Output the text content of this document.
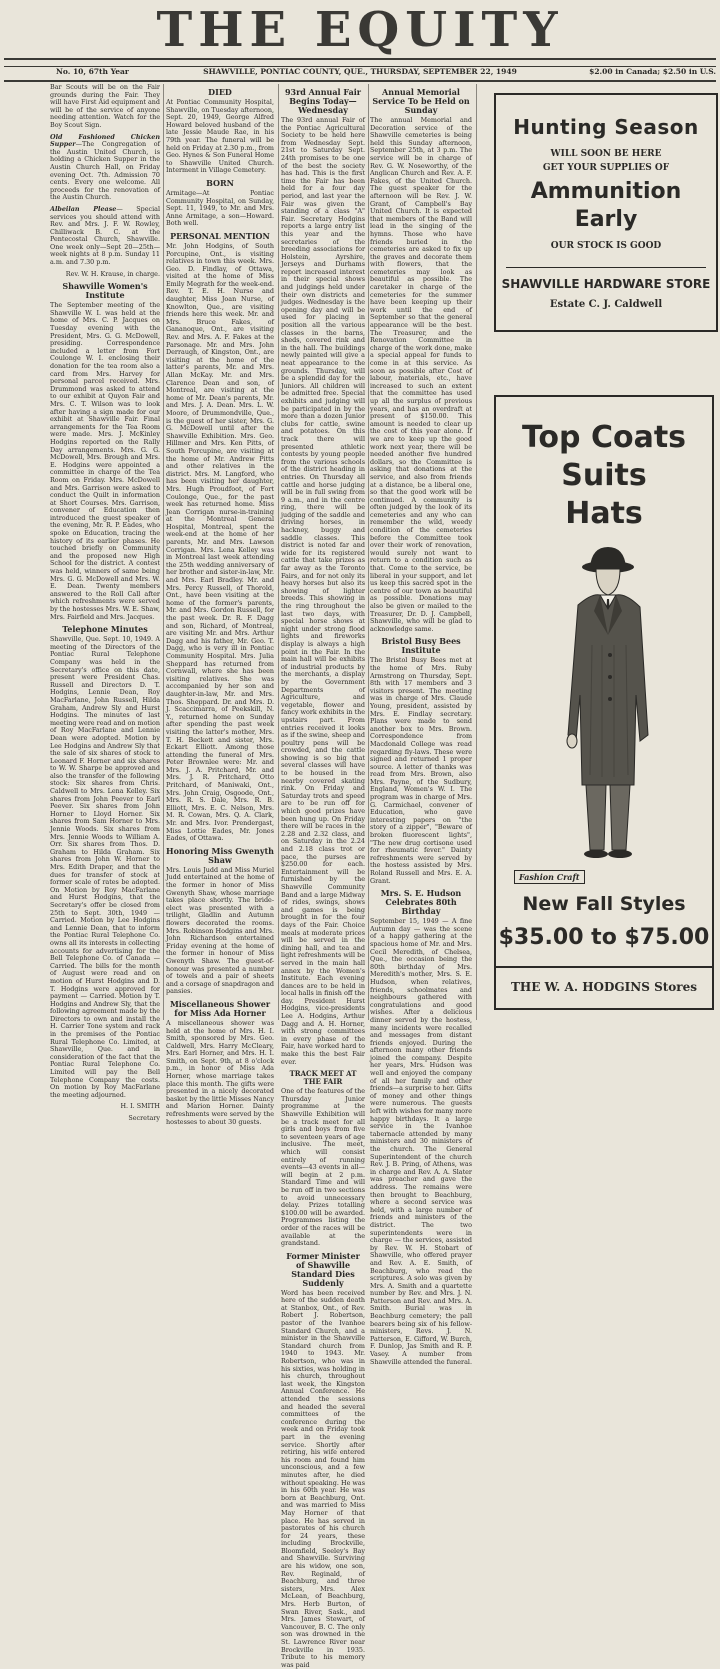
THE EQUITY
No. 10, 67th Year	SHAWVILLE, PONTIAC COUNTY, QUE., THURSDAY, SEPTEMBER 22, 1949	$2.00 in Canada; $2.50 in U.S.

Bar Scouts will be on the Fair grounds during the Fair. They will have First Aid equipment and will be of the service of anyone needing attention. Watch for the Boy Scout Sign.

Old Fashioned Chicken Supper—The Congregation of the Austin United Church, is holding a Chicken Supper in the Austin Church Hall, on Friday evening Oct. 7th. Admission 70 cents. Every one welcome. All proceeds for the renovation of the Austin Church.

Albeilan Please— Special services you should attend with Rev. and Mrs. J. F. W. Rowley, Chilliwack B. C. at the Pentecostal Church, Shawville. One week only—Sept 20—25th—week nights at 8 p.m. Sunday 11 a.m. and 7.30 p.m.

Rev. W. H. Krause, in charge.

Shawville Women's Institute

The September meeting of the Shawville W. I. was held at the home of Mrs. C. P. Jacques on Tuesday evening with the President, Mrs. G. G. McDowell, presiding. Correspondence included a letter from Fort Coulonge W. I. enclosing their donation for the tea room also a card from Mrs. Harvey for personal parcel received. Mrs. Drummond was asked to attend to our exhibit at Quyon Fair and Mrs. C. T. Wilson was to look after having a sign made for our exhibit at Shawville Fair. Final arrangements for the Tea Room were made. Mrs. J. McKinley Hodgins reported on the Rally Day arrangements. Mrs. G. G. McDowell, Mrs. Brough and Mrs. E. Hodgins were appointed a committee in charge of the Tea Room on Friday. Mrs. McDowell and Mrs. Garrison were asked to conduct the Quilt in information at Short Courses. Mrs. Garrison, convener of Education then introduced the guest speaker of the evening, Mr. R. P. Eades, who spoke on Education, tracing the history of its earlier phases. He touched briefly on Community and the proposed new High School for the district. A contest was held, winners of same being Mrs. G. G. McDowell and Mrs. W. E. Dean. Twenty members answered to the Roll Call after which refreshments were served by the hostesses Mrs. W. E. Shaw, Mrs. Fairfield and Mrs. Jacques.

Telephone Minutes

Shawville, Que. Sept. 10, 1949. A meeting of the Directors of the Pontiac Rural Telephone Company was held in the Secretary's office on this date, present were President Chas. Russell and Directors D. T. Hodgins, Lennie Dean, Roy MacFarlane, John Russell, Hilda Graham, Andrew Sly and Hurst Hodgins. The minutes of last meeting were read and on motion of Roy MacFarlane and Lennie Dean were adopted. Motion by Lee Hodgins and Andrew Sly that the sale of six shares of stock to Leonard F. Horner and six shares to W. W. Sharpe be approved and also the transfer of the following stock: Six shares from Chris. Caldwell to Mrs. Lena Kelley. Six shares from John Peever to Earl Peever. Six shares from John Horner to Lloyd Horner. Six shares from Sam Horner to Mrs. Jennie Woods. Six shares from Mrs. Jennie Woods to William A. Orr. Six shares from Thos. D. Graham to Hilda Graham. Six shares from John W. Horner to Mrs. Edith Draper, and that the dues for transfer of stock at former scale of rates be adopted. On Motion by Roy MacFarlane and Hurst Hodgins, that the Secretary's offer be closed from 25th to Sept. 30th, 1949 — Carried. Motion by Lee Hodgins and Lennie Dean, that to inform the Pontiac Rural Telephone Co. owns all its interests in collecting accounts for advertising for the Bell Telephone Co. of Canada — Carried. The bills for the month of August were read and on motion of Hurst Hodgins and D. T. Hodgins were approved for payment — Carried. Motion by T. Hodgins and Andrew Sly, that the following agreement made by the Directors to own and install the H. Carrier Tone system and rack in the premises of the Pontiac Rural Telephone Co. Limited, at Shawville, Que. and in consideration of the fact that the Pontiac Rural Telephone Co. Limited will pay the Bell Telephone Company the costs. On motion by Roy MacFarlane the meeting adjourned.

H. I. SMITH

Secretary

DIED

At Pontiac Community Hospital, Shawville, on Tuesday afternoon, Sept. 20, 1949, George Alfred Howard beloved husband of the late Jessie Maude Rae, in his 79th year. The funeral will be held on Friday at 2.30 p.m., from Geo. Hynes & Son Funeral Home to Shawville United Church. Interment in Village Cemetery.

BORN

Armitage—At Pontiac Community Hospital, on Sunday, Sept. 11, 1949, to Mr. and Mrs. Anne Armitage, a son—Howard. Both well.

PERSONAL MENTION

Mr. John Hodgins, of South Porcupine, Ont., is visiting relatives in town this week. Mrs. Geo. D. Findlay, of Ottawa, visited at the home of Miss Emily Megrath for the week-end. Rev. T. E. H. Nurse and daughter, Miss Joan Nurse, of Knowlton, Que., are visiting friends here this week. Mr. and Mrs. Bruce Fakes, of Gananoque, Ont., are visiting Rev. and Mrs. A. F. Fakes at the Parsonage. Mr. and Mrs. John Derraugh, of Kingston, Ont., are visiting at the home of the latter's parents, Mr. and Mrs. Allan McKay. Mr. and Mrs. Clarence Dean and son, of Montreal, are visiting at the home of Mr. Dean's parents, Mr. and Mrs. J. A. Dean. Mrs. L. W. Moore, of Drummondville, Que., is the guest of her sister, Mrs. G. G. McDowell until after the Shawville Exhibition. Mrs. Geo. Hillmer and Mrs. Ken Pitts, of South Porcupine, are visiting at the home of Mr. Andrew Pitts and other relatives in the district. Mrs. M. Langford, who has been visiting her daughter, Mrs. Hugh Proudfoot, of Fort Coulonge, Que., for the past week has returned home. Miss Jean Corrigan nurse-in-training at the Montreal General Hospital, Montreal, spent the week-end at the home of her parents, Mr. and Mrs. Lawson Corrigan. Mrs. Lena Kelley was in Montreal last week attending the 25th wedding anniversary of her brother and sister-in-law, Mr. and Mrs. Earl Bradley. Mr. and Mrs. Percy Russell, of Thorold, Ont., have been visiting at the home of the former's parents, Mr. and Mrs. Gordon Russell, for the past week. Dr. R. F. Dagg and son, Richard, of Montreal, are visiting Mr. and Mrs. Arthur Dagg and his father, Mr. Geo. T. Dagg, who is very ill in Pontiac Community Hospital. Mrs. Julia Sheppard has returned from Cornwall, where she has been visiting relatives. She was accompanied by her son and daughter-in-law, Mr. and Mrs. Thos. Sheppard. Dr. and Mrs. D. J. Scaccimarra, of Peekskill, N. Y., returned home on Sunday after spending the past week visiting the latter's mother, Mrs. T. H. Beckett and sister, Mrs. Eckart Elliott. Among those attending the funeral of Mrs. Peter Brownlee were: Mr. and Mrs. J. A. Pritchard, Mr. and Mrs. J. R. Pritchard, Otto Pritchard, of Maniwaki, Ont., Mrs. John Craig, Osgoode, Ont., Mrs. R. S. Dale, Mrs. R. B. Elliott, Mrs. E. C. Nelson, Mrs. M. R. Cowan, Mrs. Q. A. Clark, Mr. and Mrs. Ivor. Prendergast, Miss Lottie Eades, Mr. Jones Eades, of Ottawa.

Honoring Miss Gwenyth Shaw

Mrs. Louis Judd and Miss Muriel Judd entertained at the home of the former in honor of Miss Gwenyth Shaw, whose marriage takes place shortly. The bride-elect was presented with a trilight, Gladlin and Autumn flowers decorated the rooms. Mrs. Robinson Hodgins and Mrs. John Richardson entertained Friday evening at the home of the former in honour of Miss Gwenyth Shaw. The guest-of-honour was presented a number of towels and a pair of sheets and a corsage of snapdragon and pansies.

Miscellaneous Shower for Miss Ada Horner

A miscellaneous shower was held at the home of Mrs. H. I. Smith, sponsored by Mrs. Geo. Caldwell, Mrs. Harry McCleary, Mrs. Earl Horner, and Mrs. H. I. Smith, on Sept. 9th, at 8 o'clock p.m., in honor of Miss Ada Horner, whose marriage takes place this month. The gifts were presented in a nicely decorated basket by the little Misses Nancy and Marion Horner. Dainty refreshments were served by the hostesses to about 30 guests.

93rd Annual Fair Begins Today—Wednesday

The 93rd annual Fair of the Pontiac Agricultural Society to be held here from Wednesday Sept. 21st to Saturday Sept. 24th promises to be one of the best the society has had. This is the first time the Fair has been held for a four day period, and last year the Fair was given the standing of a class "A" Fair. Secretary Hodgins reports a large entry list this year and the secretaries of the breeding associations for Holstein, Ayrshire, Jerseys and Durhams report increased interest in their special shows and judgings held under their own districts and judges. Wednesday is the opening day and will be used for placing in position all the various classes in the barns, sheds, covered rink and in the hall. The buildings newly painted will give a neat appearance to the grounds. Thursday, will be a splendid day for the Juniors. All children will be admitted free. Special exhibits and judging will be participated in by the more than a dozen Junior clubs for cattle, swine and potatoes. On this track there will presented athletic contests by young people from the various schools of the district heading in entries. On Thursday all cattle and horse judging will be in full swing from 9 a.m., and in the centre ring, there will be judging of the saddle and driving horses, in hackney, buggy and saddle classes. This district is noted far and wide for its registered cattle that take prizes as far away as the Toronto Fairs, and for not only its heavy horses but also its showing of lighter breeds. This showing in the ring throughout the last two days, with special horse shows at night under strong flood lights and fireworks display is always a high point in the Fair. In the main hall will be exhibits of industrial products by the merchants, a display by the Government Departments of Agriculture, and vegetable, flower and fancy work exhibits in the upstairs part. From entries received it looks as if the swine, sheep and poultry pens will be crowded, and the cattle showing is so big that several classes will have to be housed in the nearby covered skating rink. On Friday and Saturday trots and speed are to be run off for which good prizes have been hung up. On Friday there will be races in the 2.28 and 2.32 class, and on Saturday in the 2.24 and 2.18 class trot or pace, the purses are $250.00 for each. Entertainment will be furnished by the Shawville Community Band and a large Midway of rides, swings, shows and games is being brought in for the four days of the Fair. Choice meals at moderate prices will be served in the dining hall, and tea and light refreshments will be served in the main hall annex by the Women's Institute. Each evening dances are to be held in local halls in finish off the day. President Hurst Hodgins, vice-presidents Lee A. Hodgins, Arthur Dagg and A. H. Horner, with strong committees in every phase of the Fair, have worked hard to make this the best Fair ever.

TRACK MEET AT THE FAIR

One of the features of the Thursday Junior programme at the Shawville Exhibition will be a track meet for all girls and boys from five to seventeen years of age inclusive. The meet, which will consist entirely of running events—43 events in all—will begin at 2 p.m. Standard Time and will be run off in two sections to avoid unnecessary delay. Prizes totalling $100.00 will be awarded. Programmes listing the order of the races will be available at the grandstand.

Former Minister of Shawville Standard Dies Suddenly

Word has been received here of the sudden death at Stanbox, Ont., of Rev. Robert J. Robertson, pastor of the Ivanhoe Standard Church, and a minister in the Shawville Standard church from 1940 to 1943. Mr. Robertson, who was in his sixties, was holding in his church, throughout last week, the Kingston Annual Conference. He attended the sessions and headed the several committees of the conference during the week and on Friday took part in the evening service. Shortly after retiring, his wife entered his room and found him unconscious, and a few minutes after, he died without speaking. He was in his 60th year. He was born at Beachburg, Ont. and was married to Miss May Horner of that place. He has served in pastorates of his church for 24 years, these including Brockville, Bloomfield, Seeley's Bay and Shawville. Surviving are his widow, one son, Rev. Reginald, of Beachburg, and three sisters, Mrs. Alex McLean, of Beachburg, Mrs. Herb Burton, of Swan River, Sask., and Mrs. James Stewart, of Vancouver, B. C. The only son was drowned in the St. Lawrence River near Brockville in 1935. Tribute to his memory was paid

Annual Memorial Service To be Held on Sunday

The annual Memorial and Decoration service of the Shawville cemeteries is being held this Sunday afternoon, September 25th, at 3 p.m. The service will be in charge of Rev. G. W. Noseworthy, of the Anglican Church and Rev. A. F. Fakes, of the United Church. The guest speaker for the afternoon will be Rev. J. W. Grant, of Campbell's Bay United Church. It is expected that members of the Band will lead in the singing of the hymns. Those who have friends buried in the cemeteries are asked to fix up the graves and decorate them with flowers, that the cemeteries may look as beautiful as possible. The caretaker in charge of the cemeteries for the summer have been keeping up their work until the end of September so that the general appearance will be the best. The Treasurer, and the Renovation Committee in charge of the work done, make a special appeal for funds to come in at this service. As soon as possible after Cost of labour, materials, etc., have increased to such an extent that the committee has used up all the surplus of previous years, and has an overdraft at present of $150.00. This amount is needed to clear up the cost of this year alone. If we are to keep up the good work next year, there will be needed another five hundred dollars, so the Committee is asking that donations at the service, and also from friends at a distance, be a liberal one, so that the good work will be continued. A community is often judged by the look of its cemeteries and any who can remember the wild, weedy condition of the cemeteries before the Committee took over their work of renovation, would surely not want to return to a condition such as that. Come to the service, be liberal in your support, and let us keep this sacred spot in the centre of our town as beautiful as possible. Donations may also be given or mailed to the Treasurer, Dr. D. J. Campbell, Shawville, who will be glad to acknowledge same.

Bristol Busy Bees Institute

The Bristol Busy Bees met at the home of Mrs. Ruby Armstrong on Thursday, Sept. 8th with 17 members and 3 visitors present. The meeting was in charge of Mrs. Claude Young, president, assisted by Mrs. E. Findlay secretary. Plans were made to send another box to Mrs. Brown. Correspondence from Macdonald College was read regarding fly-laws. These were signed and returned 1 proper source. A letter of thanks was read from Mrs. Brown, also Mrs. Payne, of the Sudbury, England, Women's W. I. The program was in charge of Mrs. G. Carmichael, convener of Education, who gave interesting papers on "the story of a zipper", "Beware of broken fluorescent lights", "The new drug cortisone used for rheumatic fever." Dainty refreshments were served by the hostess assisted by Mrs. Roland Russell and Mrs. E. A. Grant.

Mrs. S. E. Hudson Celebrates 80th Birthday

September 15, 1949 — A fine Autumn day — was the scene of a happy gathering at the spacious home of Mr. and Mrs. Cecil Meredith, of Chelsea, Que., the occasion being the 80th birthday of Mrs. Meredith's mother, Mrs. S. E. Hudson, when relatives, friends, schoolmates and neighbours gathered with congratulations and good wishes. After a delicious dinner served by the hostess, many incidents were recalled and messages from distant friends enjoyed. During the afternoon many other friends joined the company. Despite her years, Mrs. Hudson was well and enjoyed the company of all her family and other friends—a surprise to her. Gifts of money and other things were numerous. The guests left with wishes for many more happy birthdays. It a large service in the Ivanhoe tabernacle attended by many ministers and 30 ministers of the church. The General Superintendent of the church Rev. J. B. Pring, of Athens, was in charge and Rev. A. A. Slater was preacher and gave the address. The remains were then brought to Beachburg, where a second service was held, with a large number of friends and ministers of the district. The two superintendents were in charge — the services, assisted by Rev. W. H. Stobart of Shawville, who offered prayer and Rev. A. E. Smith, of Beachburg, who read the scriptures. A solo was given by Mrs. A. Smith and a quartette number by Rev. and Mrs. J. N. Patterson and Rev. and Mrs. A. Smith. Burial was in Beachburg cemetery; the pall bearers being six of his fellow-ministers, Revs. J. N. Patterson, E. Gifford, W. Burch, F. Dunlop, Jas Smith and R. P. Vasey. A number from Shawville attended the funeral.

Hunting Season
WILL SOON BE HERE
GET YOUR SUPPLIES OF
Ammunition
Early
OUR STOCK IS GOOD
SHAWVILLE HARDWARE STORE
Estate C. J. Caldwell
Top Coats
Suits
Hats
Fashion Craft
New Fall Styles
$35.00 to $75.00
THE W. A. HODGINS Stores
